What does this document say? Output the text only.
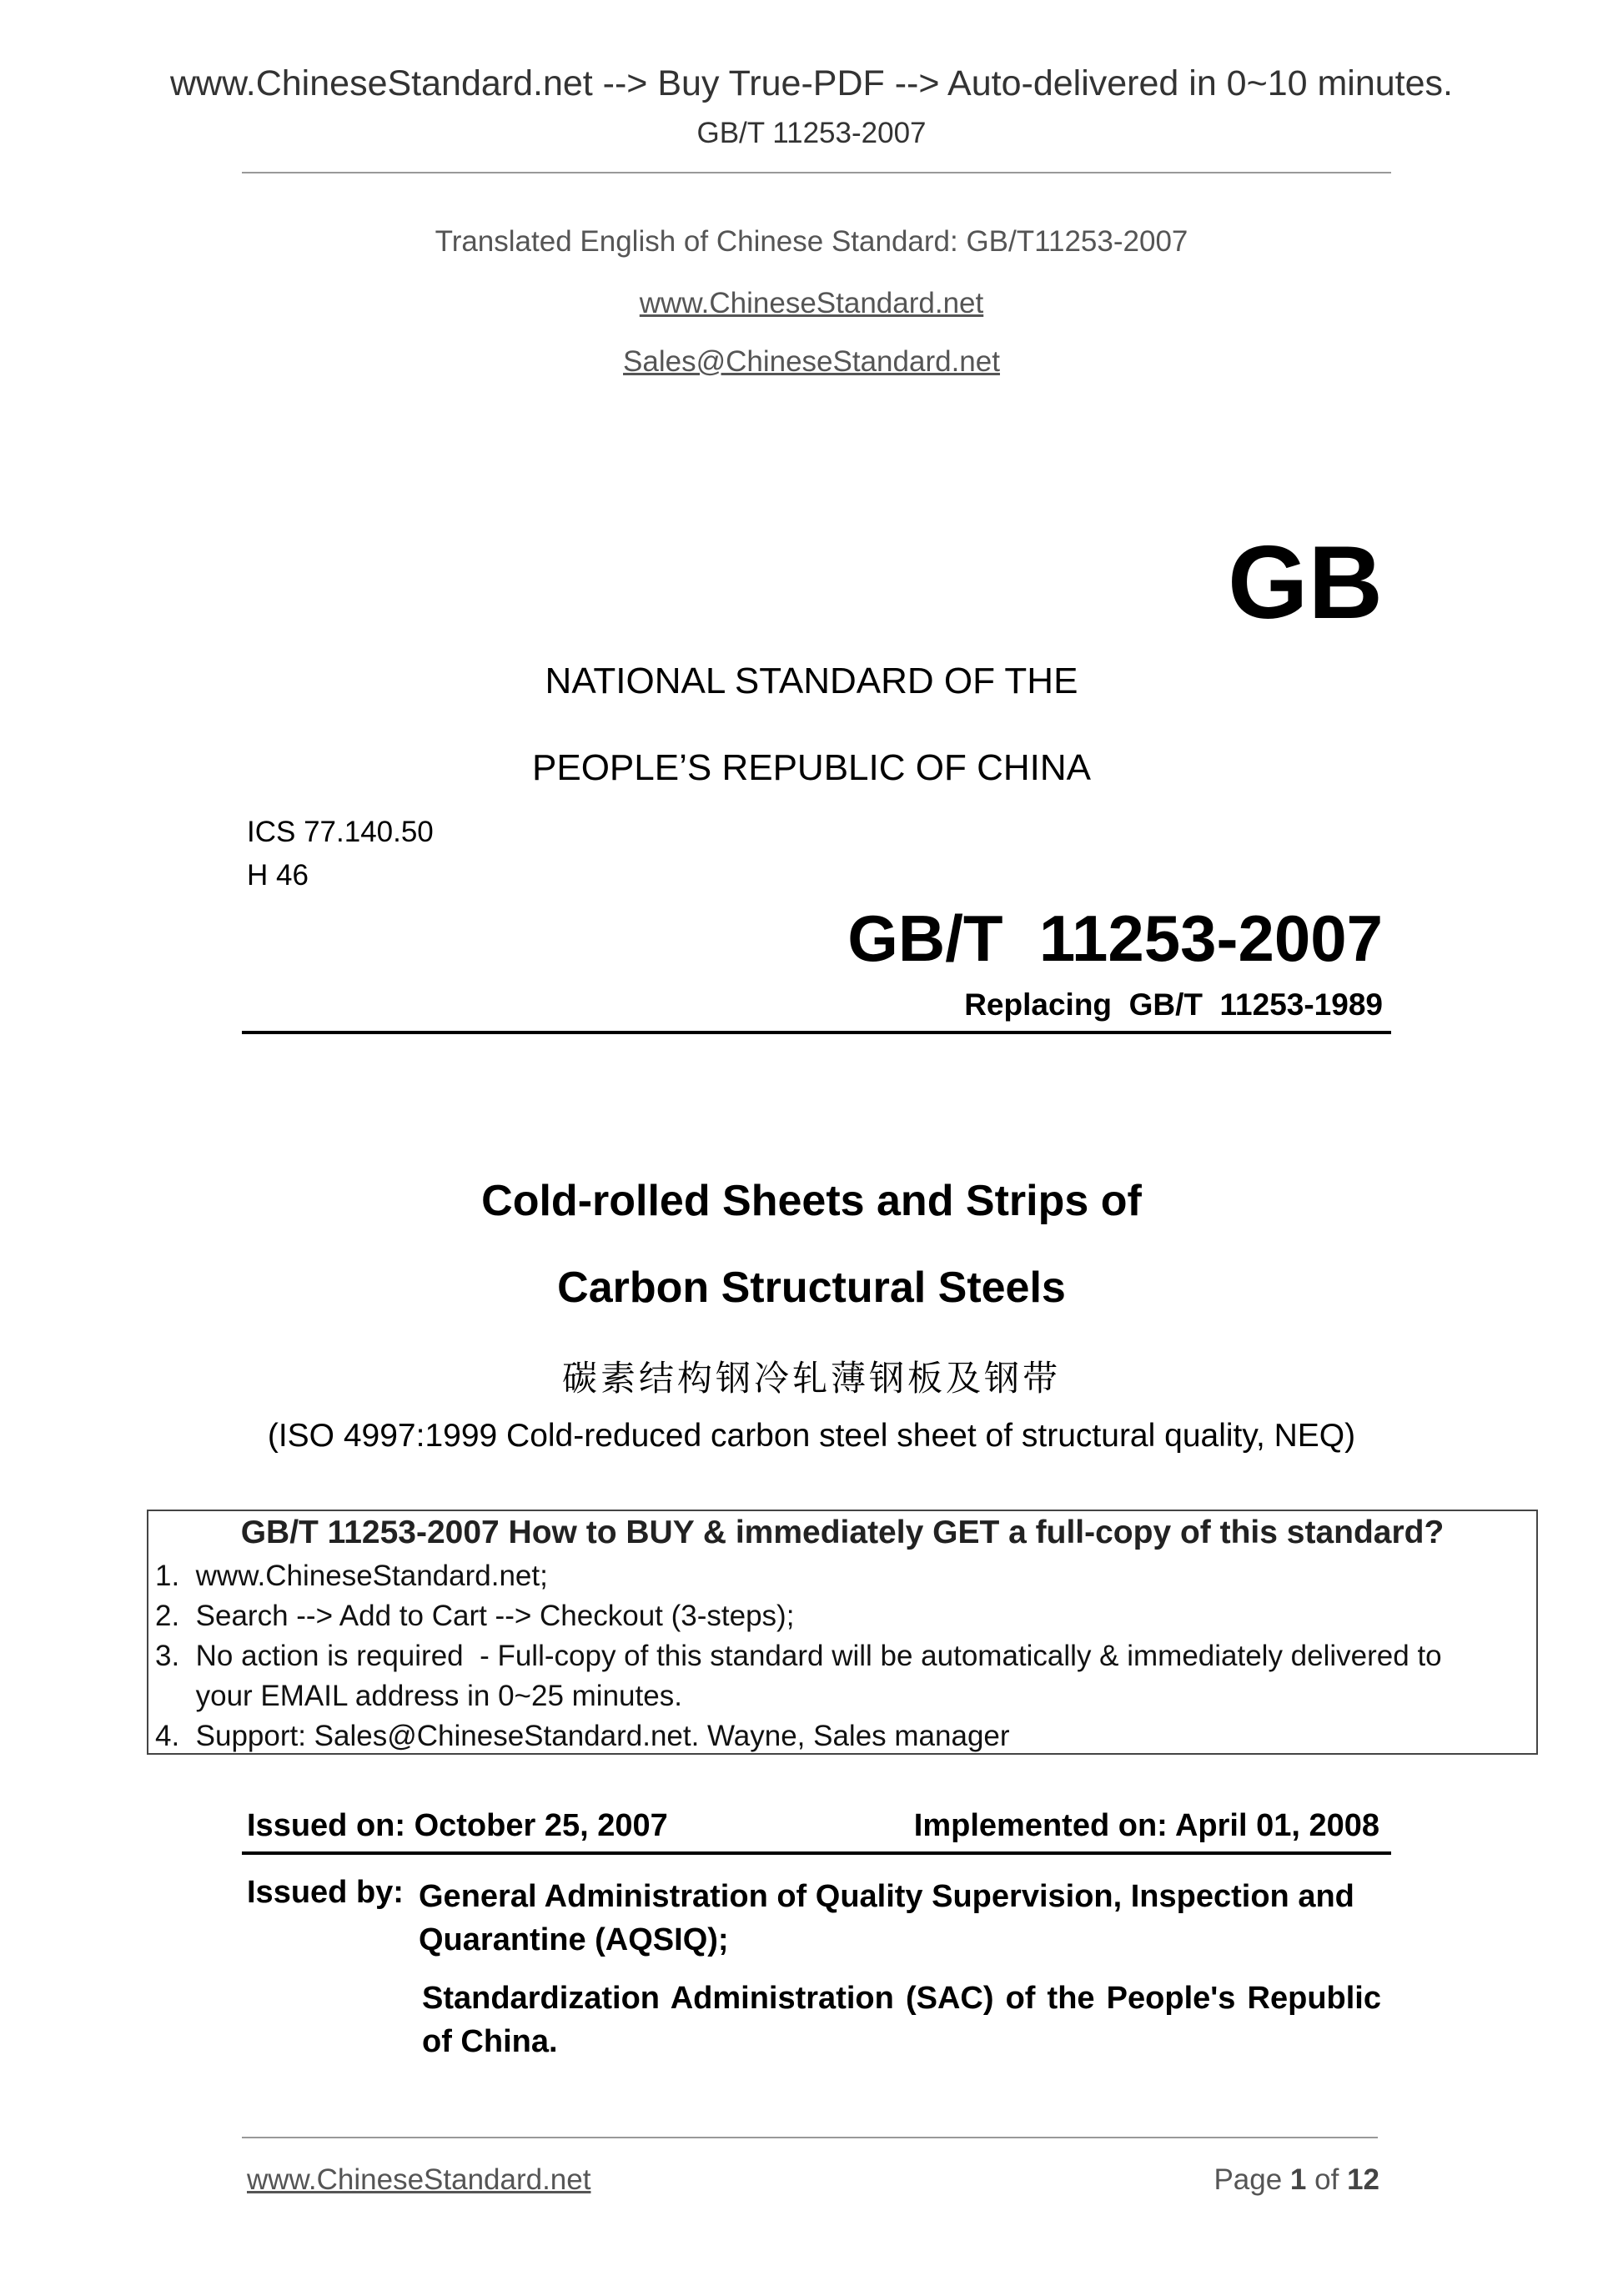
www.ChineseStandard.net --> Buy True-PDF --> Auto-delivered in 0~10 minutes.
GB/T 11253-2007
Translated English of Chinese Standard: GB/T11253-2007
www.ChineseStandard.net
Sales@ChineseStandard.net
GB
NATIONAL STANDARD OF THE
PEOPLE’S REPUBLIC OF CHINA
ICS 77.140.50
H 46
GB/T  11253-2007
Replacing  GB/T  11253-1989
Cold-rolled Sheets and Strips of
Carbon Structural Steels
碳素结构钢冷轧薄钢板及钢带
(ISO 4997:1999 Cold-reduced carbon steel sheet of structural quality, NEQ)
GB/T 11253-2007 How to BUY & immediately GET a full-copy of this standard?
1.  www.ChineseStandard.net;
2.  Search --> Add to Cart --> Checkout (3-steps);
3.  No action is required  - Full-copy of this standard will be automatically & immediately delivered to
your EMAIL address in 0~25 minutes.
4.  Support: Sales@ChineseStandard.net. Wayne, Sales manager
Issued on: October 25, 2007	Implemented on: April 01, 2008
Issued by: General Administration of Quality Supervision, Inspection and Quarantine (AQSIQ);
Standardization Administration (SAC) of the People's Republic of China.
www.ChineseStandard.net	Page 1 of 12
